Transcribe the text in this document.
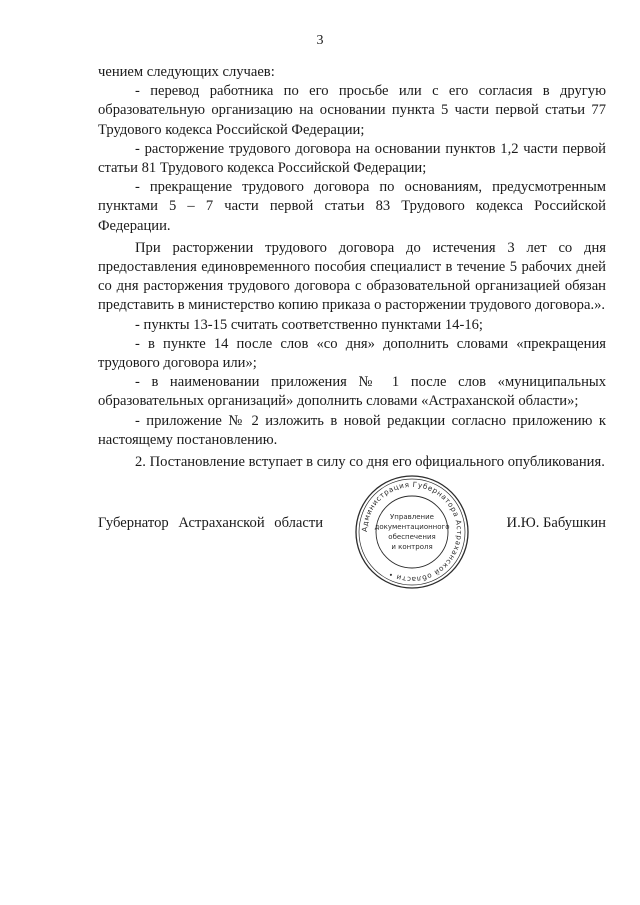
3

чением следующих случаев:

- перевод работника по его просьбе или с его согласия в другую образовательную организацию на основании пункта 5 части первой статьи 77 Трудового кодекса Российской Федерации;

- расторжение трудового договора на основании пунктов 1,2 части первой статьи 81 Трудового кодекса Российской Федерации;

- прекращение трудового договора по основаниям, предусмотренным пунктами 5 – 7 части первой статьи 83 Трудового кодекса Российской Федерации.

При расторжении трудового договора до истечения 3 лет со дня предоставления единовременного пособия специалист в течение 5 рабочих дней со дня расторжения трудового договора с образовательной организацией обязан представить в министерство копию приказа о расторжении трудового договора.».

- пункты 13-15 считать соответственно пунктами 14-16;

- в пункте 14 после слов «со дня» дополнить словами «прекращения трудового договора или»;

- в наименовании приложения № 1 после слов «муниципальных образовательных организаций» дополнить словами «Астраханской области»;

- приложение № 2 изложить в новой редакции согласно приложению к настоящему постановлению.

2. Постановление вступает в силу со дня его официального опубликования.

Губернатор Астраханской области	И.Ю. Бабушкин
Администрация Губернатора Астраханской области •
Управление
документационного
обеспечения
и контроля
